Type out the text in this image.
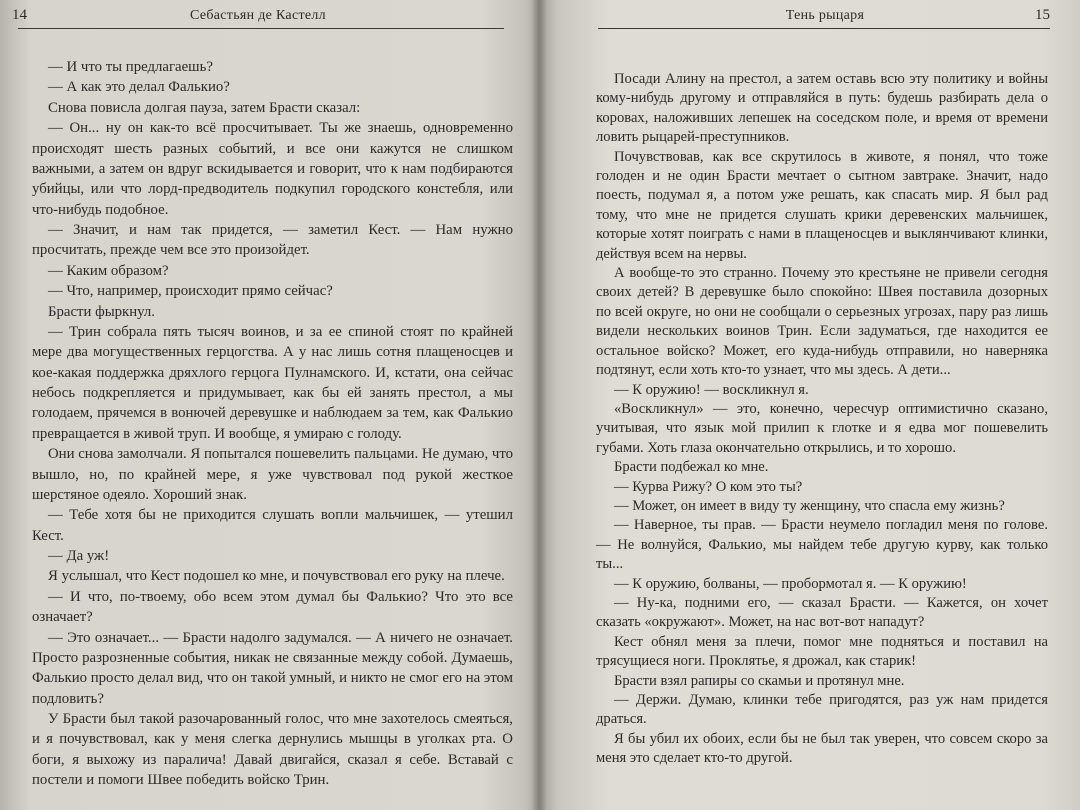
14	Себастьян де Кастелл

— И что ты предлагаешь?

— А как это делал Фалькио?

Снова повисла долгая пауза, затем Брасти сказал:

— Он... ну он как-то всё просчитывает. Ты же знаешь, одновременно происходят шесть разных событий, и все они кажутся не слишком важными, а затем он вдруг вскидывается и говорит, что к нам подбираются убийцы, или что лорд-предводитель подкупил городского констебля, или что-нибудь подобное.

— Значит, и нам так придется, — заметил Кест. — Нам нужно просчитать, прежде чем все это произойдет.

— Каким образом?

— Что, например, происходит прямо сейчас?

Брасти фыркнул.

— Трин собрала пять тысяч воинов, и за ее спиной стоят по крайней мере два могущественных герцогства. А у нас лишь сотня плащеносцев и кое-какая поддержка дряхлого герцога Пулнамского. И, кстати, она сейчас небось подкрепляется и придумывает, как бы ей занять престол, а мы голодаем, прячемся в вонючей деревушке и наблюдаем за тем, как Фалькио превращается в живой труп. И вообще, я умираю с голоду.

Они снова замолчали. Я попытался пошевелить пальцами. Не думаю, что вышло, но, по крайней мере, я уже чувствовал под рукой жесткое шерстяное одеяло. Хороший знак.

— Тебе хотя бы не приходится слушать вопли мальчишек, — утешил Кест.

— Да уж!

Я услышал, что Кест подошел ко мне, и почувствовал его руку на плече.

— И что, по-твоему, обо всем этом думал бы Фалькио? Что это все означает?

— Это означает... — Брасти надолго задумался. — А ничего не означает. Просто разрозненные события, никак не связанные между собой. Думаешь, Фалькио просто делал вид, что он такой умный, и никто не смог его на этом подловить?

У Брасти был такой разочарованный голос, что мне захотелось смеяться, и я почувствовал, как у меня слегка дернулись мышцы в уголках рта. О боги, я выхожу из паралича! Давай двигайся, сказал я себе. Вставай с постели и помоги Швее победить войско Трин.

Тень рыцаря	15

Посади Алину на престол, а затем оставь всю эту политику и войны кому-нибудь другому и отправляйся в путь: будешь разбирать дела о коровах, наложивших лепешек на соседском поле, и время от времени ловить рыцарей-преступников.

Почувствовав, как все скрутилось в животе, я понял, что тоже голоден и не один Брасти мечтает о сытном завтраке. Значит, надо поесть, подумал я, а потом уже решать, как спасать мир. Я был рад тому, что мне не придется слушать крики деревенских мальчишек, которые хотят поиграть с нами в плащеносцев и выклянчивают клинки, действуя всем на нервы.

А вообще-то это странно. Почему это крестьяне не привели сегодня своих детей? В деревушке было спокойно: Швея поставила дозорных по всей округе, но они не сообщали о серьезных угрозах, пару раз лишь видели нескольких воинов Трин. Если задуматься, где находится ее остальное войско? Может, его куда-нибудь отправили, но наверняка подтянут, если хоть кто-то узнает, что мы здесь. А дети...

— К оружию! — воскликнул я.

«Воскликнул» — это, конечно, чересчур оптимистично сказано, учитывая, что язык мой прилип к глотке и я едва мог пошевелить губами. Хоть глаза окончательно открылись, и то хорошо.

Брасти подбежал ко мне.

— Курва Рижу? О ком это ты?

— Может, он имеет в виду ту женщину, что спасла ему жизнь?

— Наверное, ты прав. — Брасти неумело погладил меня по голове. — Не волнуйся, Фалькио, мы найдем тебе другую курву, как только ты...

— К оружию, болваны, — пробормотал я. — К оружию!

— Ну-ка, подними его, — сказал Брасти. — Кажется, он хочет сказать «окружают». Может, на нас вот-вот нападут?

Кест обнял меня за плечи, помог мне подняться и поставил на трясущиеся ноги. Проклятье, я дрожал, как старик!

Брасти взял рапиры со скамьи и протянул мне.

— Держи. Думаю, клинки тебе пригодятся, раз уж нам придется драться.

Я бы убил их обоих, если бы не был так уверен, что совсем скоро за меня это сделает кто-то другой.
